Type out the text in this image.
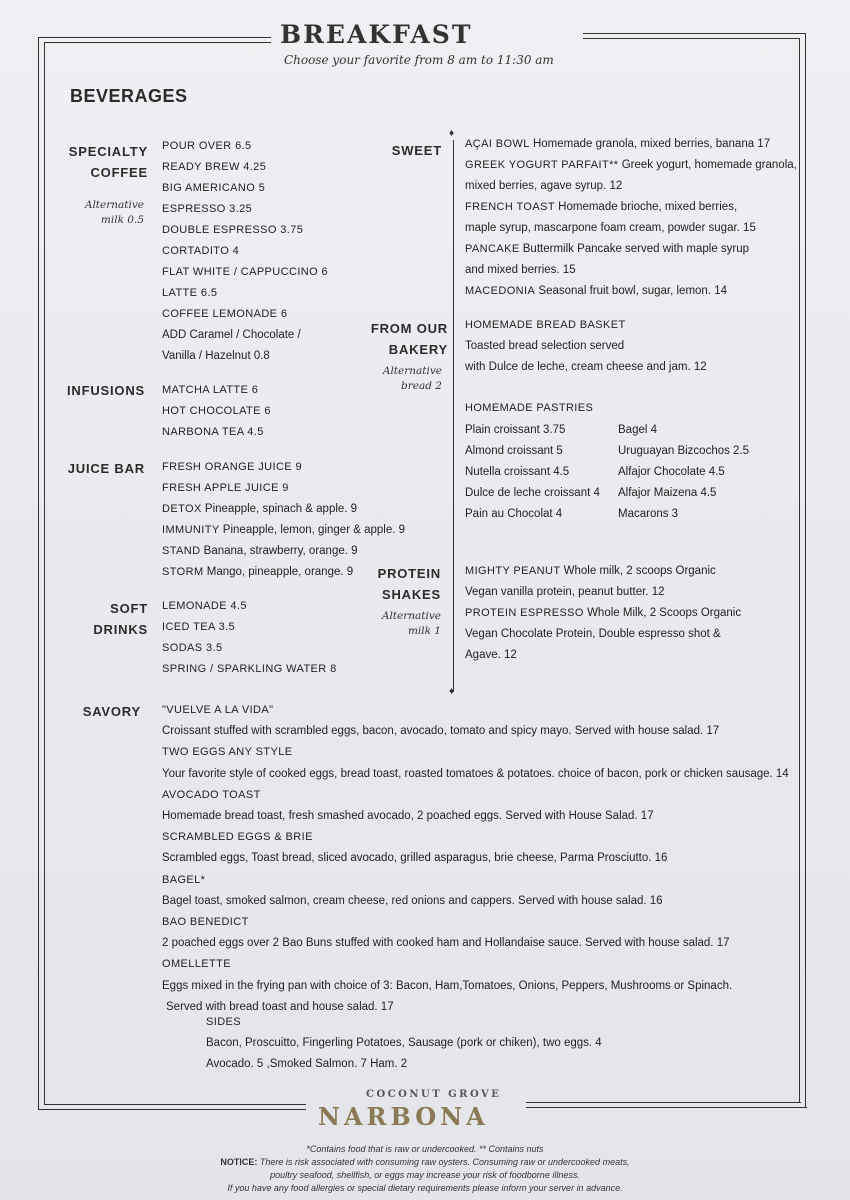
BREAKFAST
Choose your favorite from 8 am to 11:30 am
BEVERAGES
SPECIALTY
COFFEE
Alternative
milk 0.5
POUR OVER 6.5
READY BREW 4.25
BIG AMERICANO 5
ESPRESSO 3.25
DOUBLE ESPRESSO 3.75
CORTADITO 4
FLAT WHITE / CAPPUCCINO 6
LATTE 6.5
COFFEE LEMONADE 6
ADD Caramel / Chocolate /
Vanilla / Hazelnut 0.8
INFUSIONS MATCHA LATTE 6
HOT CHOCOLATE 6
NARBONA TEA 4.5
JUICE BAR FRESH ORANGE JUICE 9
FRESH APPLE JUICE 9
DETOX Pineapple, spinach & apple. 9
IMMUNITY Pineapple, lemon, ginger & apple. 9
STAND Banana, strawberry, orange. 9
STORM Mango, pineapple, orange. 9
SOFT
DRINKS
LEMONADE 4.5
ICED TEA 3.5
SODAS 3.5
SPRING / SPARKLING WATER 8
♦
♦
SWEET AÇAI BOWL Homemade granola, mixed berries, banana 17
GREEK YOGURT PARFAIT** Greek yogurt, homemade granola,
mixed berries, agave syrup. 12
FRENCH TOAST Homemade brioche, mixed berries,
maple syrup, mascarpone foam cream, powder sugar. 15
PANCAKE Buttermilk Pancake served with maple syrup
and mixed berries. 15
MACEDONIA Seasonal fruit bowl, sugar, lemon. 14
FROM OUR
BAKERY
Alternative
bread 2
HOMEMADE BREAD BASKET
Toasted bread selection served
with Dulce de leche, cream cheese and jam. 12
HOMEMADE PASTRIES
Plain croissant 3.75
Almond croissant 5
Nutella croissant 4.5
Dulce de leche croissant 4
Pain au Chocolat 4
Bagel 4
Uruguayan Bizcochos 2.5
Alfajor Chocolate 4.5
Alfajor Maizena 4.5
Macarons 3
PROTEIN
SHAKES
Alternative
milk 1
MIGHTY PEANUT Whole milk, 2 scoops Organic
Vegan vanilla protein, peanut butter. 12
PROTEIN ESPRESSO Whole Milk, 2 Scoops Organic
Vegan Chocolate Protein, Double espresso shot &
Agave. 12
SAVORY "VUELVE A LA VIDA"
Croissant stuffed with scrambled eggs, bacon, avocado, tomato and spicy mayo. Served with house salad. 17
TWO EGGS ANY STYLE
Your favorite style of cooked eggs, bread toast, roasted tomatoes & potatoes. choice of bacon, pork or chicken sausage. 14
AVOCADO TOAST
Homemade bread toast, fresh smashed avocado, 2 poached eggs. Served with House Salad. 17
SCRAMBLED EGGS & BRIE
Scrambled eggs, Toast bread, sliced avocado, grilled asparagus, brie cheese, Parma Prosciutto. 16
BAGEL*
Bagel toast, smoked salmon, cream cheese, red onions and cappers. Served with house salad. 16
BAO BENEDICT
2 poached eggs over 2 Bao Buns stuffed with cooked ham and Hollandaise sauce. Served with house salad. 17
OMELLETTE
Eggs mixed in the frying pan with choice of 3: Bacon, Ham,Tomatoes, Onions, Peppers, Mushrooms or Spinach.
Served with bread toast and house salad. 17
SIDES
Bacon, Proscuitto, Fingerling Potatoes, Sausage (pork or chiken), two eggs. 4
Avocado. 5 ,Smoked Salmon. 7 Ham. 2
COCONUT GROVE
NARBONA
*Contains food that is raw or undercooked. ** Contains nuts
NOTICE: There is risk associated with consuming raw oysters. Consuming raw or undercooked meats,
poultry seafood, shellfish, or eggs may increase your risk of foodborne illness.
If you have any food allergies or special dietary requirements please inform your server in advance.
